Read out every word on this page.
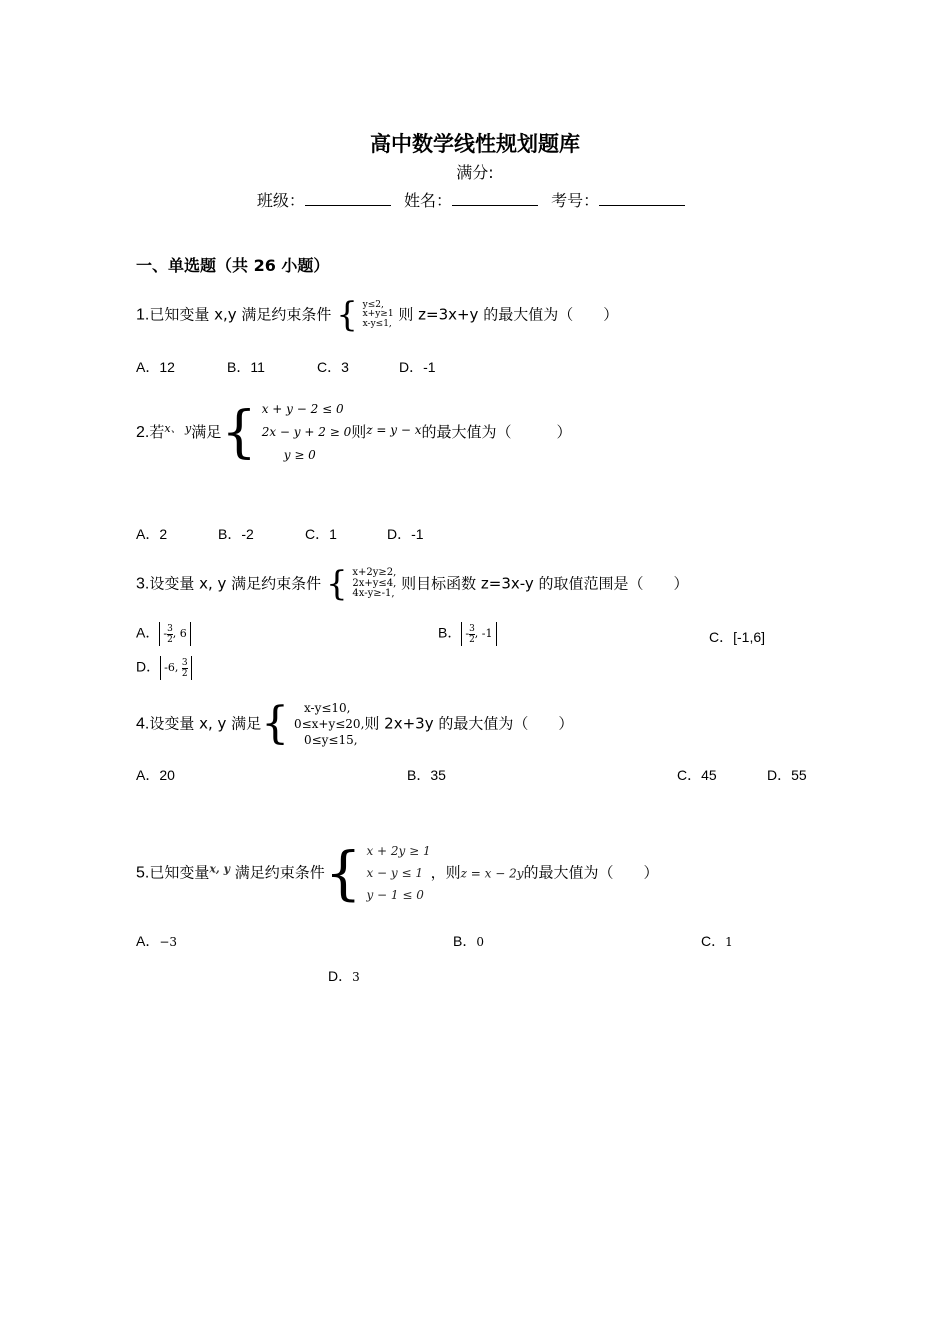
高中数学线性规划题库
满分:
班级：	姓名：	考号：
一、单选题（共 26 小题）
1.已知变量 x,y 满足约束条件 { y≤2,
x+y≥1
x-y≤1,
则 z=3x+y 的最大值为（　　）
A．12	B．11	C．3	D．-1
2.若$^{x、 y}$满足{ x + y − 2 ≤ 0
2x − y + 2 ≥ 0
y ≥ 0
则$^{z = y - x}$的最大值为（　　　）
A．2	B．-2	C．1	D．-1
3.设变量 x, y 满足约束条件 { x+2y≥2,
2x+y≤4,
4x-y≥-1,
则目标函数 z=3x-y 的取值范围是（　　）
A． - $\frac{3}{2}$, 6	B． - $\frac{3}{2}$, -1	C．[-1,6]
D． -6, $\frac{3}{2}$
4.设变量 x, y 满足{	x-y≤10,
0≤x+y≤20,
0≤y≤15,
则 2x+3y 的最大值为（　　）
A．20	B．35	C．45	D．55
5.已知变量$^{x, y}$ 满足约束条件{ x + 2y ≥ 1
x − y ≤ 1
y − 1 ≤ 0
，则z = x − 2y的最大值为（　　）
A．−3	B．0	C．1
D．3
